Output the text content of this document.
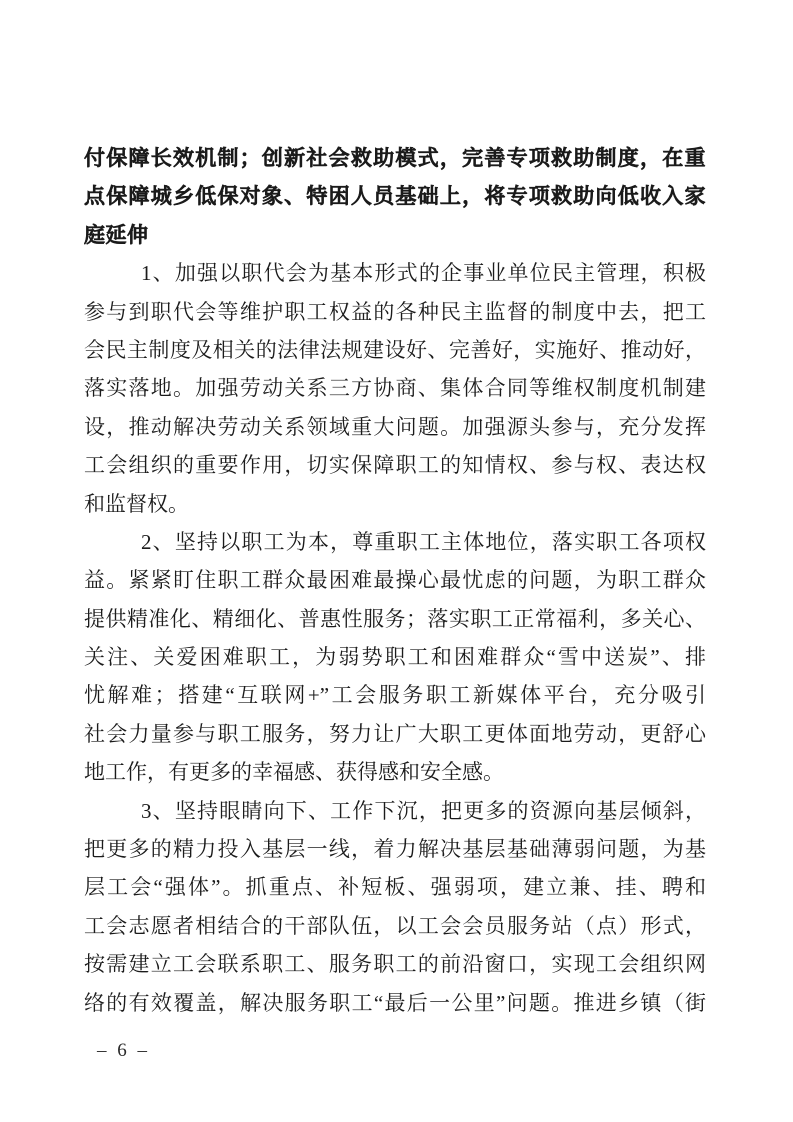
付保障长效机制；创新社会救助模式，完善专项救助制度，在重
点保障城乡低保对象、特困人员基础上，将专项救助向低收入家
庭延伸
1、加强以职代会为基本形式的企事业单位民主管理，积极
参与到职代会等维护职工权益的各种民主监督的制度中去，把工
会民主制度及相关的法律法规建设好、完善好，实施好、推动好，
落实落地。加强劳动关系三方协商、集体合同等维权制度机制建
设，推动解决劳动关系领域重大问题。加强源头参与，充分发挥
工会组织的重要作用，切实保障职工的知情权、参与权、表达权
和监督权。
2、坚持以职工为本，尊重职工主体地位，落实职工各项权
益。紧紧盯住职工群众最困难最操心最忧虑的问题，为职工群众
提供精准化、精细化、普惠性服务；落实职工正常福利，多关心、
关注、关爱困难职工，为弱势职工和困难群众“雪中送炭”、排
忧解难；搭建“互联网+”工会服务职工新媒体平台，充分吸引
社会力量参与职工服务，努力让广大职工更体面地劳动，更舒心
地工作，有更多的幸福感、获得感和安全感。
3、坚持眼睛向下、工作下沉，把更多的资源向基层倾斜，
把更多的精力投入基层一线，着力解决基层基础薄弱问题，为基
层工会“强体”。抓重点、补短板、强弱项，建立兼、挂、聘和
工会志愿者相结合的干部队伍，以工会会员服务站（点）形式，
按需建立工会联系职工、服务职工的前沿窗口，实现工会组织网
络的有效覆盖，解决服务职工“最后一公里”问题。推进乡镇（街
– 6 –
